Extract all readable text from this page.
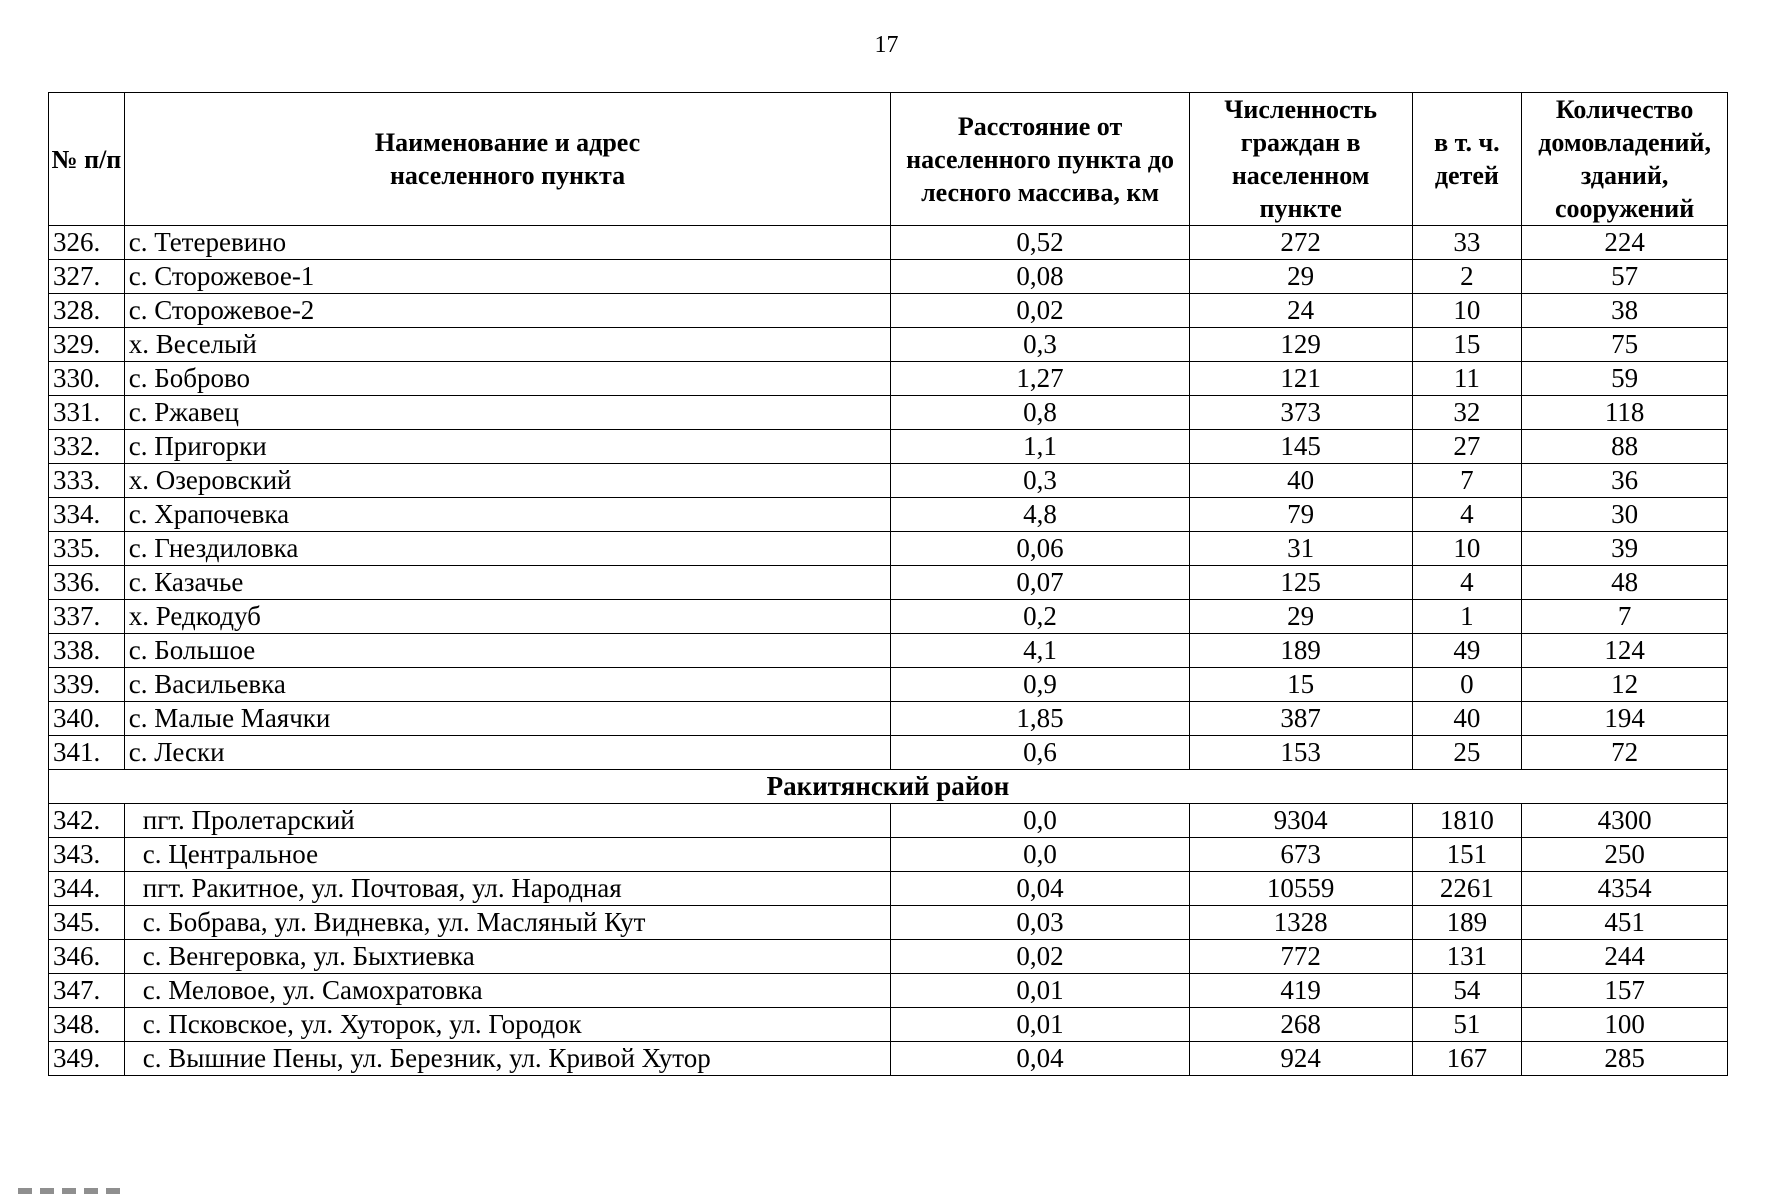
17
№ п/п	Наименование и адрес населенного пункта	Расстояние от населенного пункта до лесного массива, км	Численность граждан в населенном пункте	в т. ч. детей	Количество домовладений, зданий, сооружений
326.	с. Тетеревино	0,52	272	33	224
327.	с. Сторожевое-1	0,08	29	2	57
328.	с. Сторожевое-2	0,02	24	10	38
329.	х. Веселый	0,3	129	15	75
330.	с. Боброво	1,27	121	11	59
331.	с. Ржавец	0,8	373	32	118
332.	с. Пригорки	1,1	145	27	88
333.	х. Озеровский	0,3	40	7	36
334.	с. Храпочевка	4,8	79	4	30
335.	с. Гнездиловка	0,06	31	10	39
336.	с. Казачье	0,07	125	4	48
337.	х. Редкодуб	0,2	29	1	7
338.	с. Большое	4,1	189	49	124
339.	с. Васильевка	0,9	15	0	12
340.	с. Малые Маячки	1,85	387	40	194
341.	с. Лески	0,6	153	25	72
Ракитянский район					
342.	пгт. Пролетарский	0,0	9304	1810	4300
343.	с. Центральное	0,0	673	151	250
344.	пгт. Ракитное, ул. Почтовая, ул. Народная	0,04	10559	2261	4354
345.	с. Бобрава, ул. Видневка, ул. Масляный Кут	0,03	1328	189	451
346.	с. Венгеровка, ул. Быхтиевка	0,02	772	131	244
347.	с. Меловое, ул. Самохратовка	0,01	419	54	157
348.	с. Псковское, ул. Хуторок, ул. Городок	0,01	268	51	100
349.	с. Вышние Пены, ул. Березник, ул. Кривой Хутор	0,04	924	167	285
